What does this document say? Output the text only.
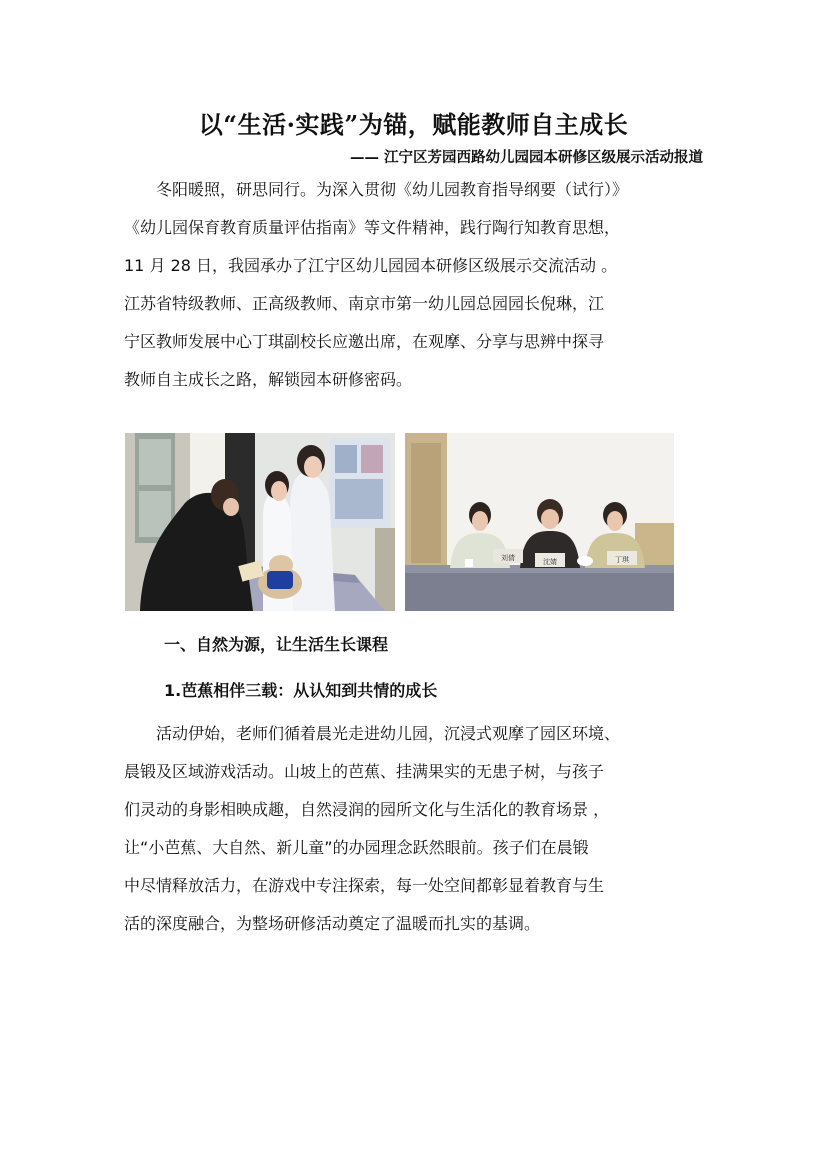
以“生活·实践”为锚，赋能教师自主成长
—— 江宁区芳园西路幼儿园园本研修区级展示活动报道
　　冬阳暖照，研思同行。为深入贯彻《幼儿园教育指导纲要（试行）》
《幼儿园保育教育质量评估指南》等文件精神，践行陶行知教育思想，
11 月 28 日，我园承办了江宁区幼儿园园本研修区级展示交流活动 。
江苏省特级教师、正高级教师、南京市第一幼儿园总园园长倪琳，江
宁区教师发展中心丁琪副校长应邀出席，在观摩、分享与思辨中探寻
教师自主成长之路，解锁园本研修密码。
刘倩	沈婧	丁琪
一、自然为源，让生活生长课程
1.芭蕉相伴三载：从认知到共情的成长
　　活动伊始，老师们循着晨光走进幼儿园，沉浸式观摩了园区环境、
晨锻及区域游戏活动。山坡上的芭蕉、挂满果实的无患子树，与孩子
们灵动的身影相映成趣，自然浸润的园所文化与生活化的教育场景 ，
让“小芭蕉、大自然、新儿童”的办园理念跃然眼前。孩子们在晨锻
中尽情释放活力，在游戏中专注探索，每一处空间都彰显着教育与生
活的深度融合，为整场研修活动奠定了温暖而扎实的基调。
